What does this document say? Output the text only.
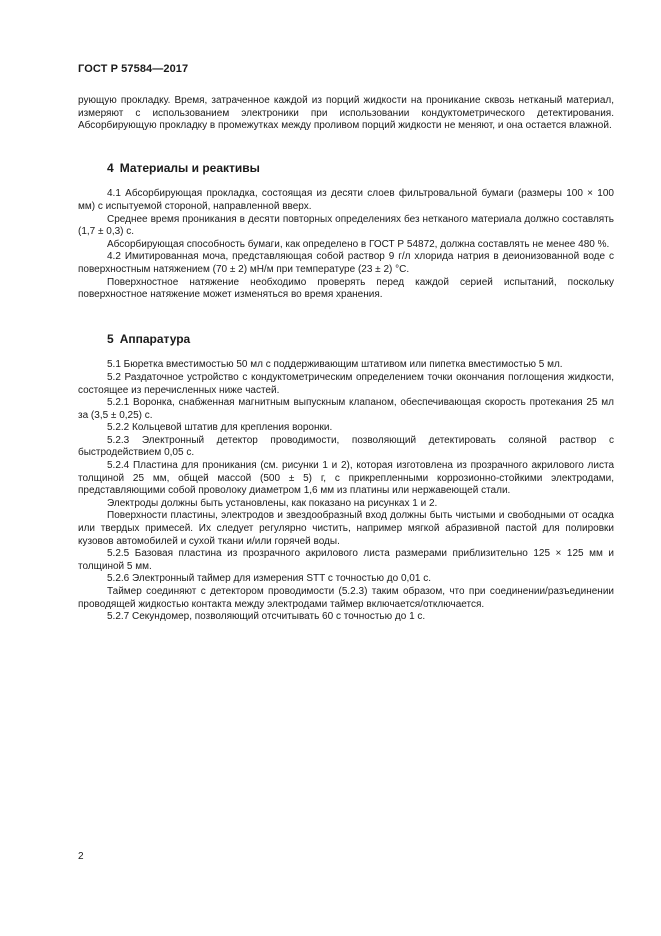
ГОСТ Р 57584—2017

рующую прокладку. Время, затраченное каждой из порций жидкости на проникание сквозь нетканый материал, измеряют с использованием электроники при использовании кондуктометрического детектирования. Абсорбирующую прокладку в промежутках между проливом порций жидкости не меняют, и она остается влажной.

4 Материалы и реактивы

4.1 Абсорбирующая прокладка, состоящая из десяти слоев фильтровальной бумаги (размеры 100 × 100 мм) с испытуемой стороной, направленной вверх.

Среднее время проникания в десяти повторных определениях без нетканого материала должно составлять (1,7 ± 0,3) с.

Абсорбирующая способность бумаги, как определено в ГОСТ Р 54872, должна составлять не менее 480 %.

4.2 Имитированная моча, представляющая собой раствор 9 г/л хлорида натрия в деионизованной воде с поверхностным натяжением (70 ± 2) мН/м при температуре (23 ± 2) °С.

Поверхностное натяжение необходимо проверять перед каждой серией испытаний, поскольку поверхностное натяжение может изменяться во время хранения.

5 Аппаратура

5.1 Бюретка вместимостью 50 мл с поддерживающим штативом или пипетка вместимостью 5 мл.

5.2 Раздаточное устройство с кондуктометрическим определением точки окончания поглощения жидкости, состоящее из перечисленных ниже частей.

5.2.1 Воронка, снабженная магнитным выпускным клапаном, обеспечивающая скорость протекания 25 мл за (3,5 ± 0,25) с.

5.2.2 Кольцевой штатив для крепления воронки.

5.2.3 Электронный детектор проводимости, позволяющий детектировать соляной раствор с быстродействием 0,05 с.

5.2.4 Пластина для проникания (см. рисунки 1 и 2), которая изготовлена из прозрачного акрилового листа толщиной 25 мм, общей массой (500 ± 5) г, с прикрепленными коррозионно-стойкими электродами, представляющими собой проволоку диаметром 1,6 мм из платины или нержавеющей стали.

Электроды должны быть установлены, как показано на рисунках 1 и 2.

Поверхности пластины, электродов и звездообразный вход должны быть чистыми и свободными от осадка или твердых примесей. Их следует регулярно чистить, например мягкой абразивной пастой для полировки кузовов автомобилей и сухой ткани и/или горячей воды.

5.2.5 Базовая пластина из прозрачного акрилового листа размерами приблизительно 125 × 125 мм и толщиной 5 мм.

5.2.6 Электронный таймер для измерения STT с точностью до 0,01 с.

Таймер соединяют с детектором проводимости (5.2.3) таким образом, что при соединении/разъединении проводящей жидкостью контакта между электродами таймер включается/отключается.

5.2.7 Секундомер, позволяющий отсчитывать 60 с точностью до 1 с.

2
